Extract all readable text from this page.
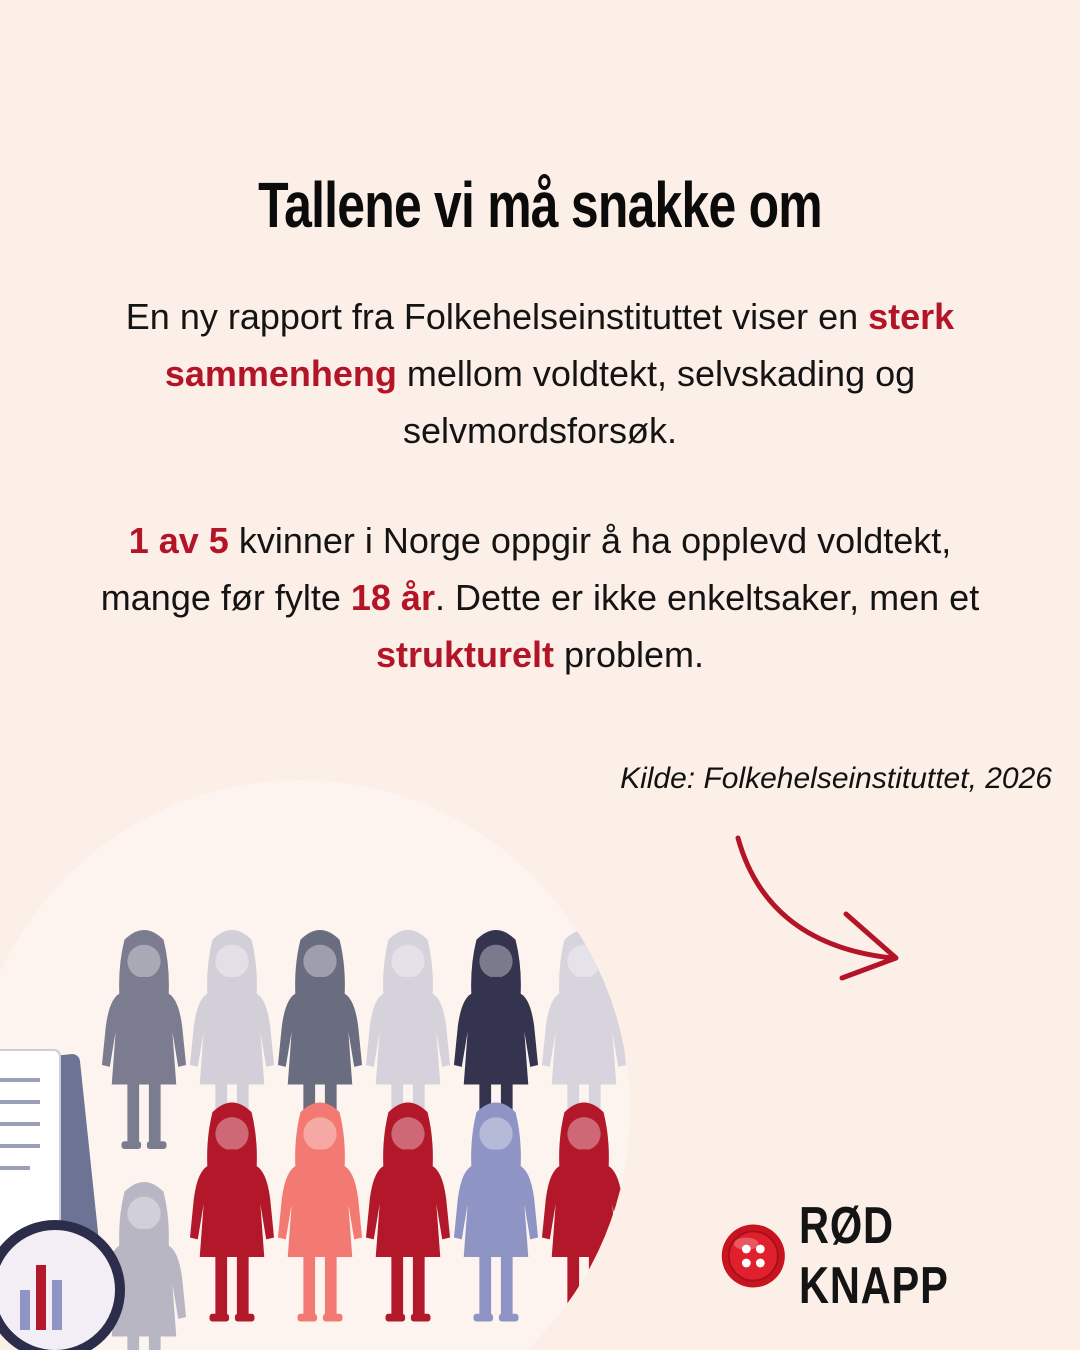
Tallene vi må snakke om

En ny rapport fra Folkehelseinstituttet viser en sterk sammenheng mellom voldtekt, selvskading og selvmordsforsøk.

1 av 5 kvinner i Norge oppgir å ha opplevd voldtekt, mange før fylte 18 år. Dette er ikke enkeltsaker, men et strukturelt problem.

Kilde: Folkehelseinstituttet, 2026
RØD KNAPP
